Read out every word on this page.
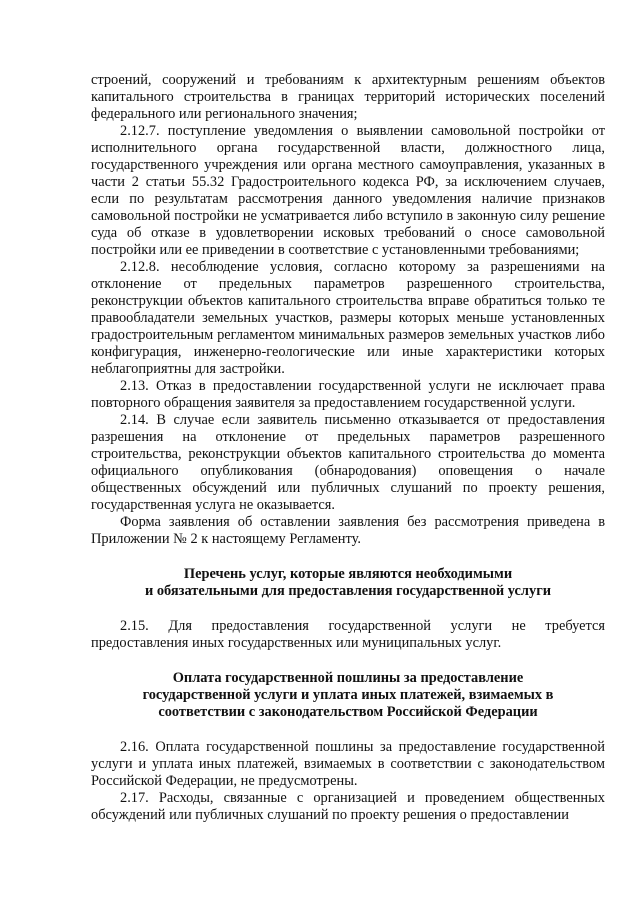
строений, сооружений и требованиям к архитектурным решениям объектов капитального строительства в границах территорий исторических поселений федерального или регионального значения;

2.12.7. поступление уведомления о выявлении самовольной постройки от исполнительного органа государственной власти, должностного лица, государственного учреждения или органа местного самоуправления, указанных в части 2 статьи 55.32 Градостроительного кодекса РФ, за исключением случаев, если по результатам рассмотрения данного уведомления наличие признаков самовольной постройки не усматривается либо вступило в законную силу решение суда об отказе в удовлетворении исковых требований о сносе самовольной постройки или ее приведении в соответствие с установленными требованиями;

2.12.8. несоблюдение условия, согласно которому за разрешениями на отклонение от предельных параметров разрешенного строительства, реконструкции объектов капитального строительства вправе обратиться только те правообладатели земельных участков, размеры которых меньше установленных градостроительным регламентом минимальных размеров земельных участков либо конфигурация, инженерно-геологические или иные характеристики которых неблагоприятны для застройки.

2.13. Отказ в предоставлении государственной услуги не исключает права повторного обращения заявителя за предоставлением государственной услуги.

2.14. В случае если заявитель письменно отказывается от предоставления разрешения на отклонение от предельных параметров разрешенного строительства, реконструкции объектов капитального строительства до момента официального опубликования (обнародования) оповещения о начале общественных обсуждений или публичных слушаний по проекту решения, государственная услуга не оказывается.

Форма заявления об оставлении заявления без рассмотрения приведена в Приложении № 2 к настоящему Регламенту.

Перечень услуг, которые являются необходимыми
и обязательными для предоставления государственной услуги

2.15. Для предоставления государственной услуги не требуется предоставления иных государственных или муниципальных услуг.

Оплата государственной пошлины за предоставление
государственной услуги и уплата иных платежей, взимаемых в
соответствии с законодательством Российской Федерации

2.16. Оплата государственной пошлины за предоставление государственной услуги и уплата иных платежей, взимаемых в соответствии с законодательством Российской Федерации, не предусмотрены.

2.17. Расходы, связанные с организацией и проведением общественных обсуждений или публичных слушаний по проекту решения о предоставлении
